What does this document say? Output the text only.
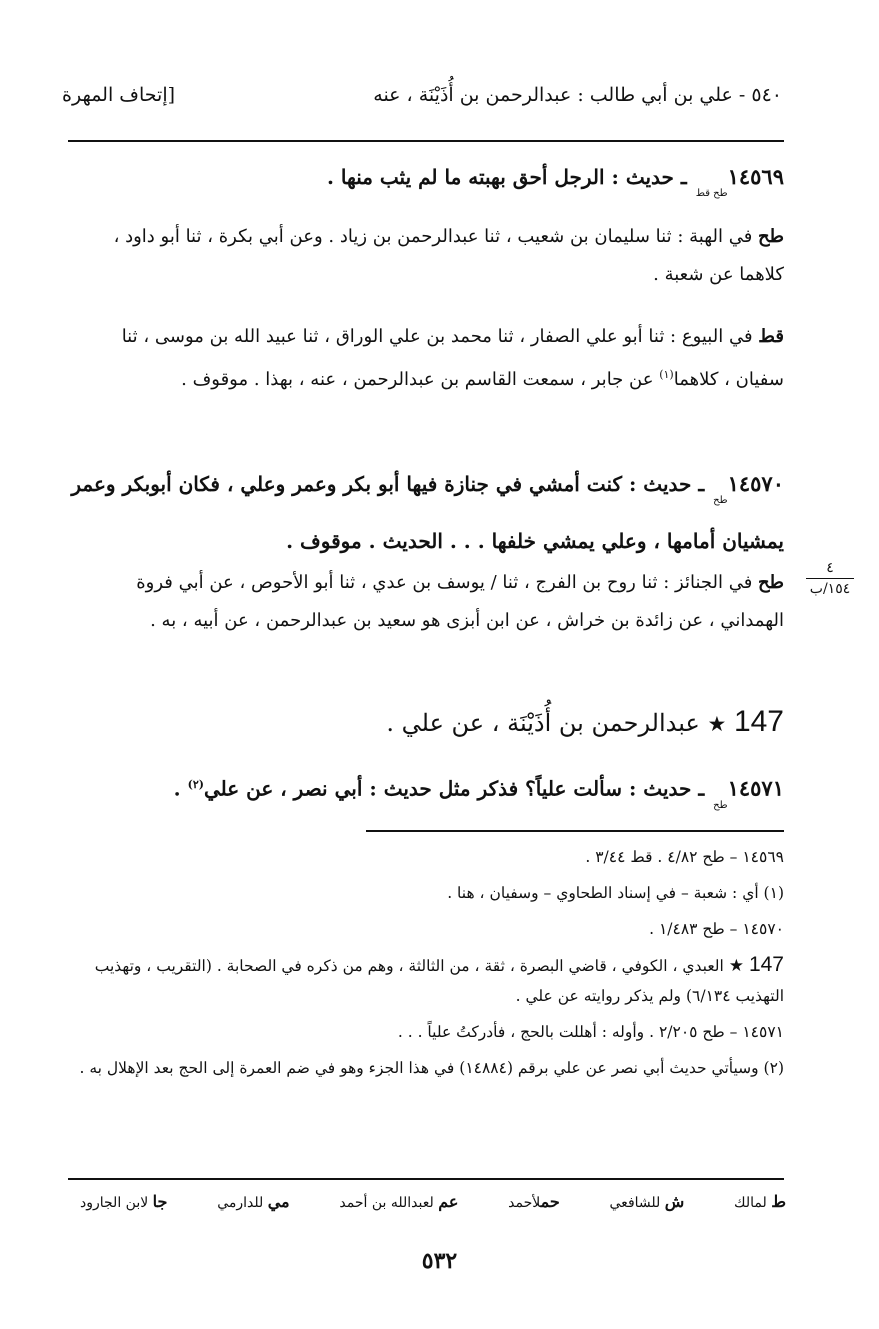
٥٤٠ - علي بن أبي طالب : عبدالرحمن بن أُذَيْنَة ، عنه
[إتحاف المهرة
$١٤٥٦٩_{طح قط}$ ـ حديث : الرجل أحق بهبته ما لم يثب منها .
طح في الهبة : ثنا سليمان بن شعيب ، ثنا عبدالرحمن بن زياد . وعن أبي بكرة ، ثنا أبو داود ، كلاهما عن شعبة .
قط في البيوع : ثنا أبو علي الصفار ، ثنا محمد بن علي الوراق ، ثنا عبيد الله بن موسى ، ثنا سفيان ، كلاهما$^{(١)}$ عن جابر ، سمعت القاسم بن عبدالرحمن ، عنه ، بهذا . موقوف .
$١٤٥٧٠_{طح}$ ـ حديث : كنت أمشي في جنازة فيها أبو بكر وعمر وعلي ، فكان أبوبكر وعمر يمشيان أمامها ، وعلي يمشي خلفها . . . الحديث . موقوف .
طح في الجنائز : ثنا روح بن الفرج ، ثنا / يوسف بن عدي ، ثنا أبو الأحوص ، عن أبي فروة الهمداني ، عن زائدة بن خراش ، عن ابن أبزى هو سعيد بن عبدالرحمن ، عن أبيه ، به .
٤
١٥٤/ب
147 ★ عبدالرحمن بن أُذَيْنَة ، عن علي .
$١٤٥٧١_{طح}$ ـ حديث : سألت علياً؟ فذكر مثل حديث : أبي نصر ، عن علي$^{(٢)}$ .
١٤٥٦٩ – طح ٤/٨٢ . قط ٣/٤٤ .
(١) أي : شعبة – في إسناد الطحاوي – وسفيان ، هنا .
١٤٥٧٠ – طح ١/٤٨٣ .
147 ★ العبدي ، الكوفي ، قاضي البصرة ، ثقة ، من الثالثة ، وهم من ذكره في الصحابة . (التقريب ، وتهذيب التهذيب ٦/١٣٤) ولم يذكر روايته عن علي .
١٤٥٧١ – طح ٢/٢٠٥ . وأوله : أهللت بالحج ، فأدركتُ علياً . . .
(٢) وسيأتي حديث أبي نصر عن علي برقم (١٤٨٨٤) في هذا الجزء وهو في ضم العمرة إلى الحج بعد الإهلال به .
ط لمالك
ش للشافعي
حملأحمد
عم لعبدالله بن أحمد
مي للدارمي
جا لابن الجارود
٥٣٢
